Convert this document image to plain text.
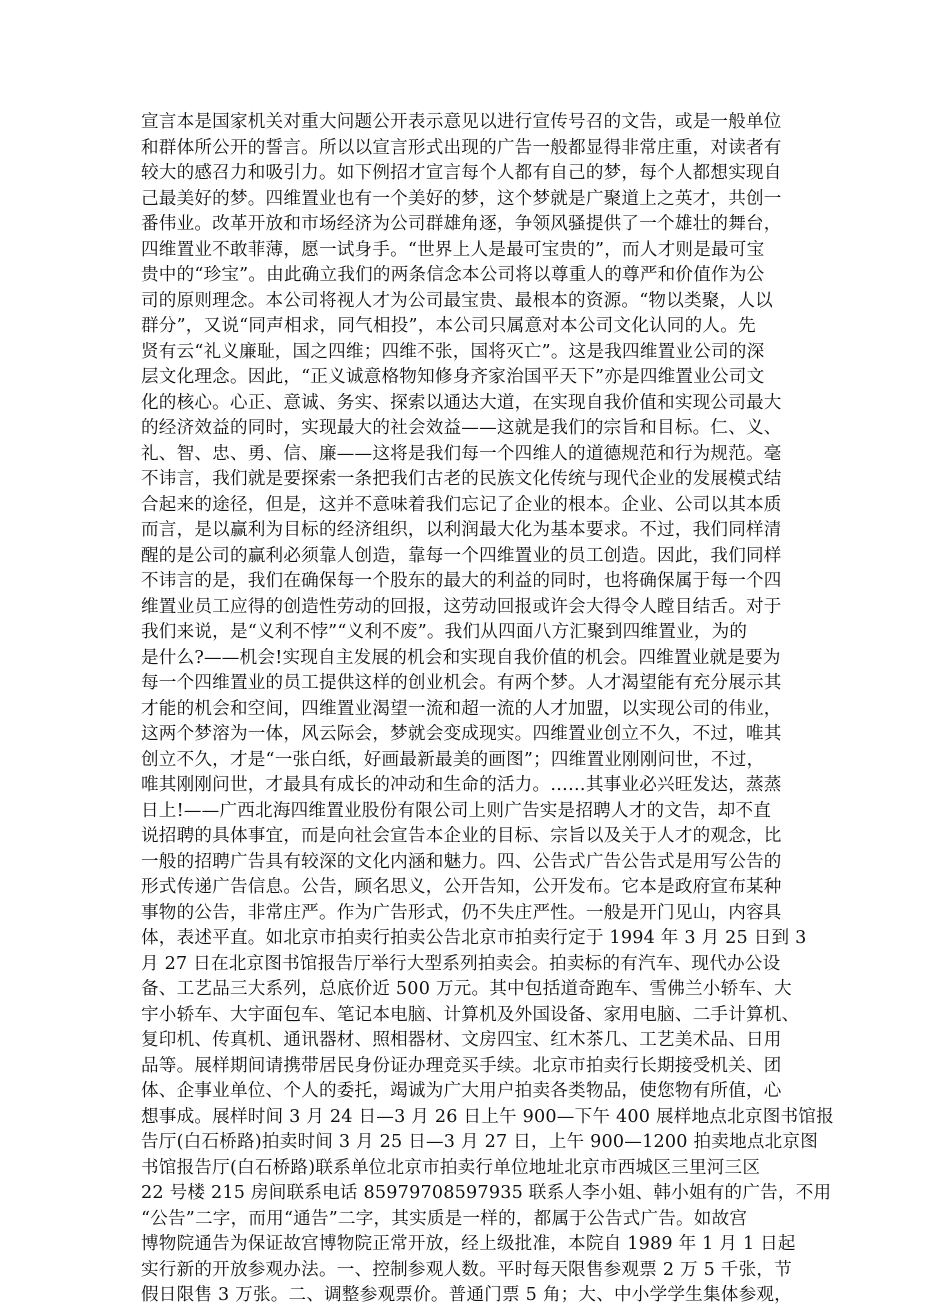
宣言本是国家机关对重大问题公开表示意见以进行宣传号召的文告，或是一般单位
和群体所公开的誓言。所以以宣言形式出现的广告一般都显得非常庄重，对读者有
较大的感召力和吸引力。如下例招才宣言每个人都有自己的梦，每个人都想实现自
己最美好的梦。四维置业也有一个美好的梦，这个梦就是广聚道上之英才，共创一
番伟业。改革开放和市场经济为公司群雄角逐，争领风骚提供了一个雄壮的舞台，
四维置业不敢菲薄，愿一试身手。“世界上人是最可宝贵的”，而人才则是最可宝
贵中的“珍宝”。由此确立我们的两条信念本公司将以尊重人的尊严和价值作为公
司的原则理念。本公司将视人才为公司最宝贵、最根本的资源。“物以类聚，人以
群分”，又说“同声相求，同气相投”，本公司只属意对本公司文化认同的人。先
贤有云“礼义廉耻，国之四维；四维不张，国将灭亡”。这是我四维置业公司的深
层文化理念。因此，“正义诚意格物知修身齐家治国平天下”亦是四维置业公司文
化的核心。心正、意诚、务实、探索以通达大道，在实现自我价值和实现公司最大
的经济效益的同时，实现最大的社会效益——这就是我们的宗旨和目标。仁、义、
礼、智、忠、勇、信、廉——这将是我们每一个四维人的道德规范和行为规范。毫
不讳言，我们就是要探索一条把我们古老的民族文化传统与现代企业的发展模式结
合起来的途径，但是，这并不意味着我们忘记了企业的根本。企业、公司以其本质
而言，是以赢利为目标的经济组织，以利润最大化为基本要求。不过，我们同样清
醒的是公司的赢利必须靠人创造，靠每一个四维置业的员工创造。因此，我们同样
不讳言的是，我们在确保每一个股东的最大的利益的同时，也将确保属于每一个四
维置业员工应得的创造性劳动的回报，这劳动回报或许会大得令人瞠目结舌。对于
我们来说，是“义利不悖”“义利不废”。我们从四面八方汇聚到四维置业，为的
是什么?——机会!实现自主发展的机会和实现自我价值的机会。四维置业就是要为
每一个四维置业的员工提供这样的创业机会。有两个梦。人才渴望能有充分展示其
才能的机会和空间，四维置业渴望一流和超一流的人才加盟，以实现公司的伟业，
这两个梦溶为一体，风云际会，梦就会变成现实。四维置业创立不久，不过，唯其
创立不久，才是“一张白纸，好画最新最美的画图”；四维置业刚刚问世，不过，
唯其刚刚问世，才最具有成长的冲动和生命的活力。……其事业必兴旺发达，蒸蒸
日上!——广西北海四维置业股份有限公司上则广告实是招聘人才的文告，却不直
说招聘的具体事宜，而是向社会宣告本企业的目标、宗旨以及关于人才的观念，比
一般的招聘广告具有较深的文化内涵和魅力。四、公告式广告公告式是用写公告的
形式传递广告信息。公告，顾名思义，公开告知，公开发布。它本是政府宣布某种
事物的公告，非常庄严。作为广告形式，仍不失庄严性。一般是开门见山，内容具
体，表述平直。如北京市拍卖行拍卖公告北京市拍卖行定于 1994 年 3 月 25 日到 3
月 27 日在北京图书馆报告厅举行大型系列拍卖会。拍卖标的有汽车、现代办公设
备、工艺品三大系列，总底价近 500 万元。其中包括道奇跑车、雪佛兰小轿车、大
宇小轿车、大宇面包车、笔记本电脑、计算机及外国设备、家用电脑、二手计算机、
复印机、传真机、通讯器材、照相器材、文房四宝、红木茶几、工艺美术品、日用
品等。展样期间请携带居民身份证办理竞买手续。北京市拍卖行长期接受机关、团
体、企事业单位、个人的委托，竭诚为广大用户拍卖各类物品，使您物有所值，心
想事成。展样时间 3 月 24 日—3 月 26 日上午 900—下午 400 展样地点北京图书馆报
告厅(白石桥路)拍卖时间 3 月 25 日—3 月 27 日，上午 900—1200 拍卖地点北京图
书馆报告厅(白石桥路)联系单位北京市拍卖行单位地址北京市西城区三里河三区
22 号楼 215 房间联系电话 85979708597935 联系人李小姐、韩小姐有的广告，不用
“公告”二字，而用“通告”二字，其实质是一样的，都属于公告式广告。如故宫
博物院通告为保证故宫博物院正常开放，经上级批准，本院自 1989 年 1 月 1 日起
实行新的开放参观办法。一、控制参观人数。平时每天限售参观票 2 万 5 千张，节
假日限售 3 万张。二、调整参观票价。普通门票 5 角；大、中小学学生集体参观，
